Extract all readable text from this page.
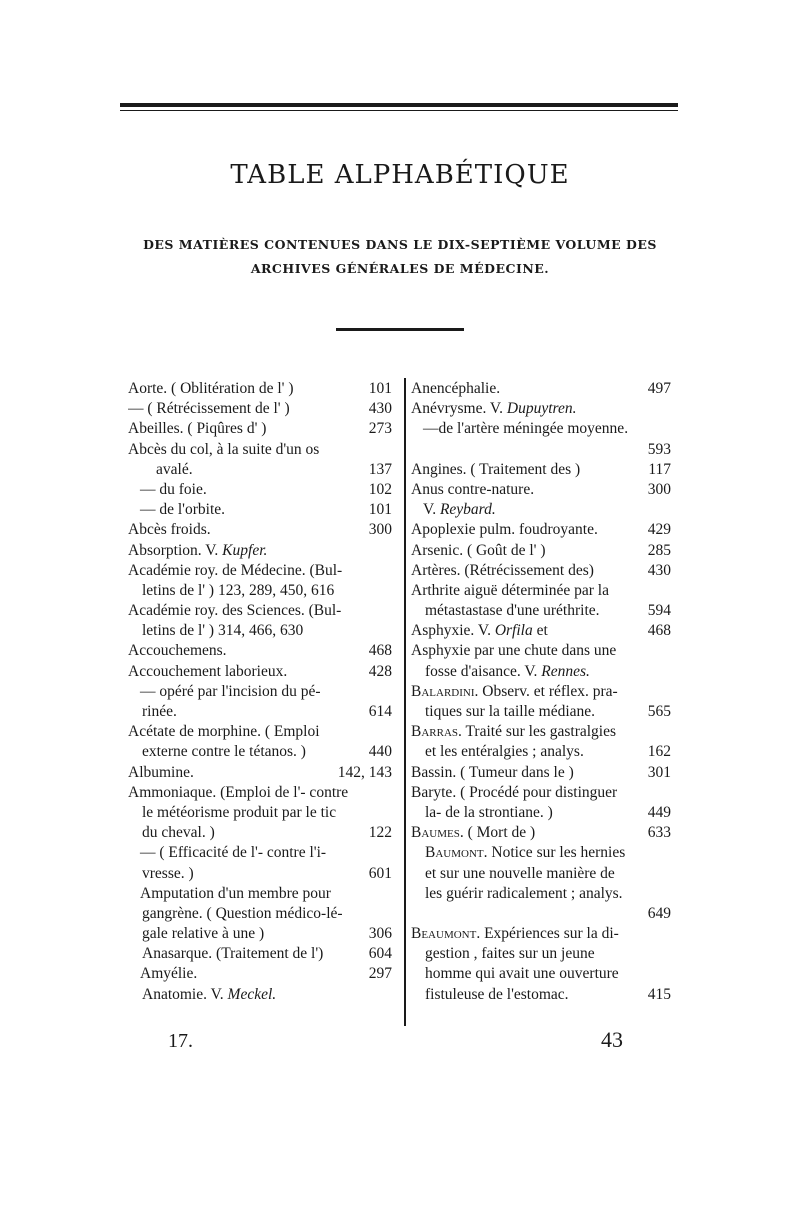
TABLE ALPHABÉTIQUE
DES MATIÈRES CONTENUES DANS LE DIX-SEPTIÈME VOLUME DES
ARCHIVES GÉNÉRALES DE MÉDECINE.
Aorte. ( Oblitération de l' )	101
— ( Rétrécissement de l' )	430
Abeilles. ( Piqûres d' )	273
Abcès du col, à la suite d'un os
avalé.	137
— du foie.	102
— de l'orbite.	101
Abcès froids.	300
Absorption. V. Kupfer.
Académie roy. de Médecine. (Bul-
letins de l' ) 123, 289, 450, 616
Académie roy. des Sciences. (Bul-
letins de l' ) 314, 466, 630
Accouchemens.	468
Accouchement laborieux.	428
— opéré par l'incision du pé-
rinée.	614
Acétate de morphine. ( Emploi
externe contre le tétanos. )	440
Albumine.	142, 143
Ammoniaque. (Emploi de l'- contre
le météorisme produit par le tic
du cheval. )	122
— ( Efficacité de l'- contre l'i-
vresse. )	601
Amputation d'un membre pour
gangrène. ( Question médico-lé-
gale relative à une )	306
Anasarque. (Traitement de l')	604
Amyélie.	297
Anatomie. V. Meckel.
Anencéphalie.	497
Anévrysme. V. Dupuytren.
—de l'artère méningée moyenne.
593
Angines. ( Traitement des )	117
Anus contre-nature.	300
V. Reybard.
Apoplexie pulm. foudroyante.	429
Arsenic. ( Goût de l' )	285
Artères. (Rétrécissement des)	430
Arthrite aiguë déterminée par la
métastastase d'une uréthrite.	594
Asphyxie. V. Orfila et	468
Asphyxie par une chute dans une
fosse d'aisance. V. Rennes.
Balardini. Observ. et réflex. pra-
tiques sur la taille médiane.	565
Barras. Traité sur les gastralgies
et les entéralgies ; analys.	162
Bassin. ( Tumeur dans le )	301
Baryte. ( Procédé pour distinguer
la- de la strontiane. )	449
Baumes. ( Mort de )	633
Baumont. Notice sur les hernies
et sur une nouvelle manière de
les guérir radicalement ; analys.
649
Beaumont. Expériences sur la di-
gestion , faites sur un jeune
homme qui avait une ouverture
fistuleuse de l'estomac.	415
17.	43
